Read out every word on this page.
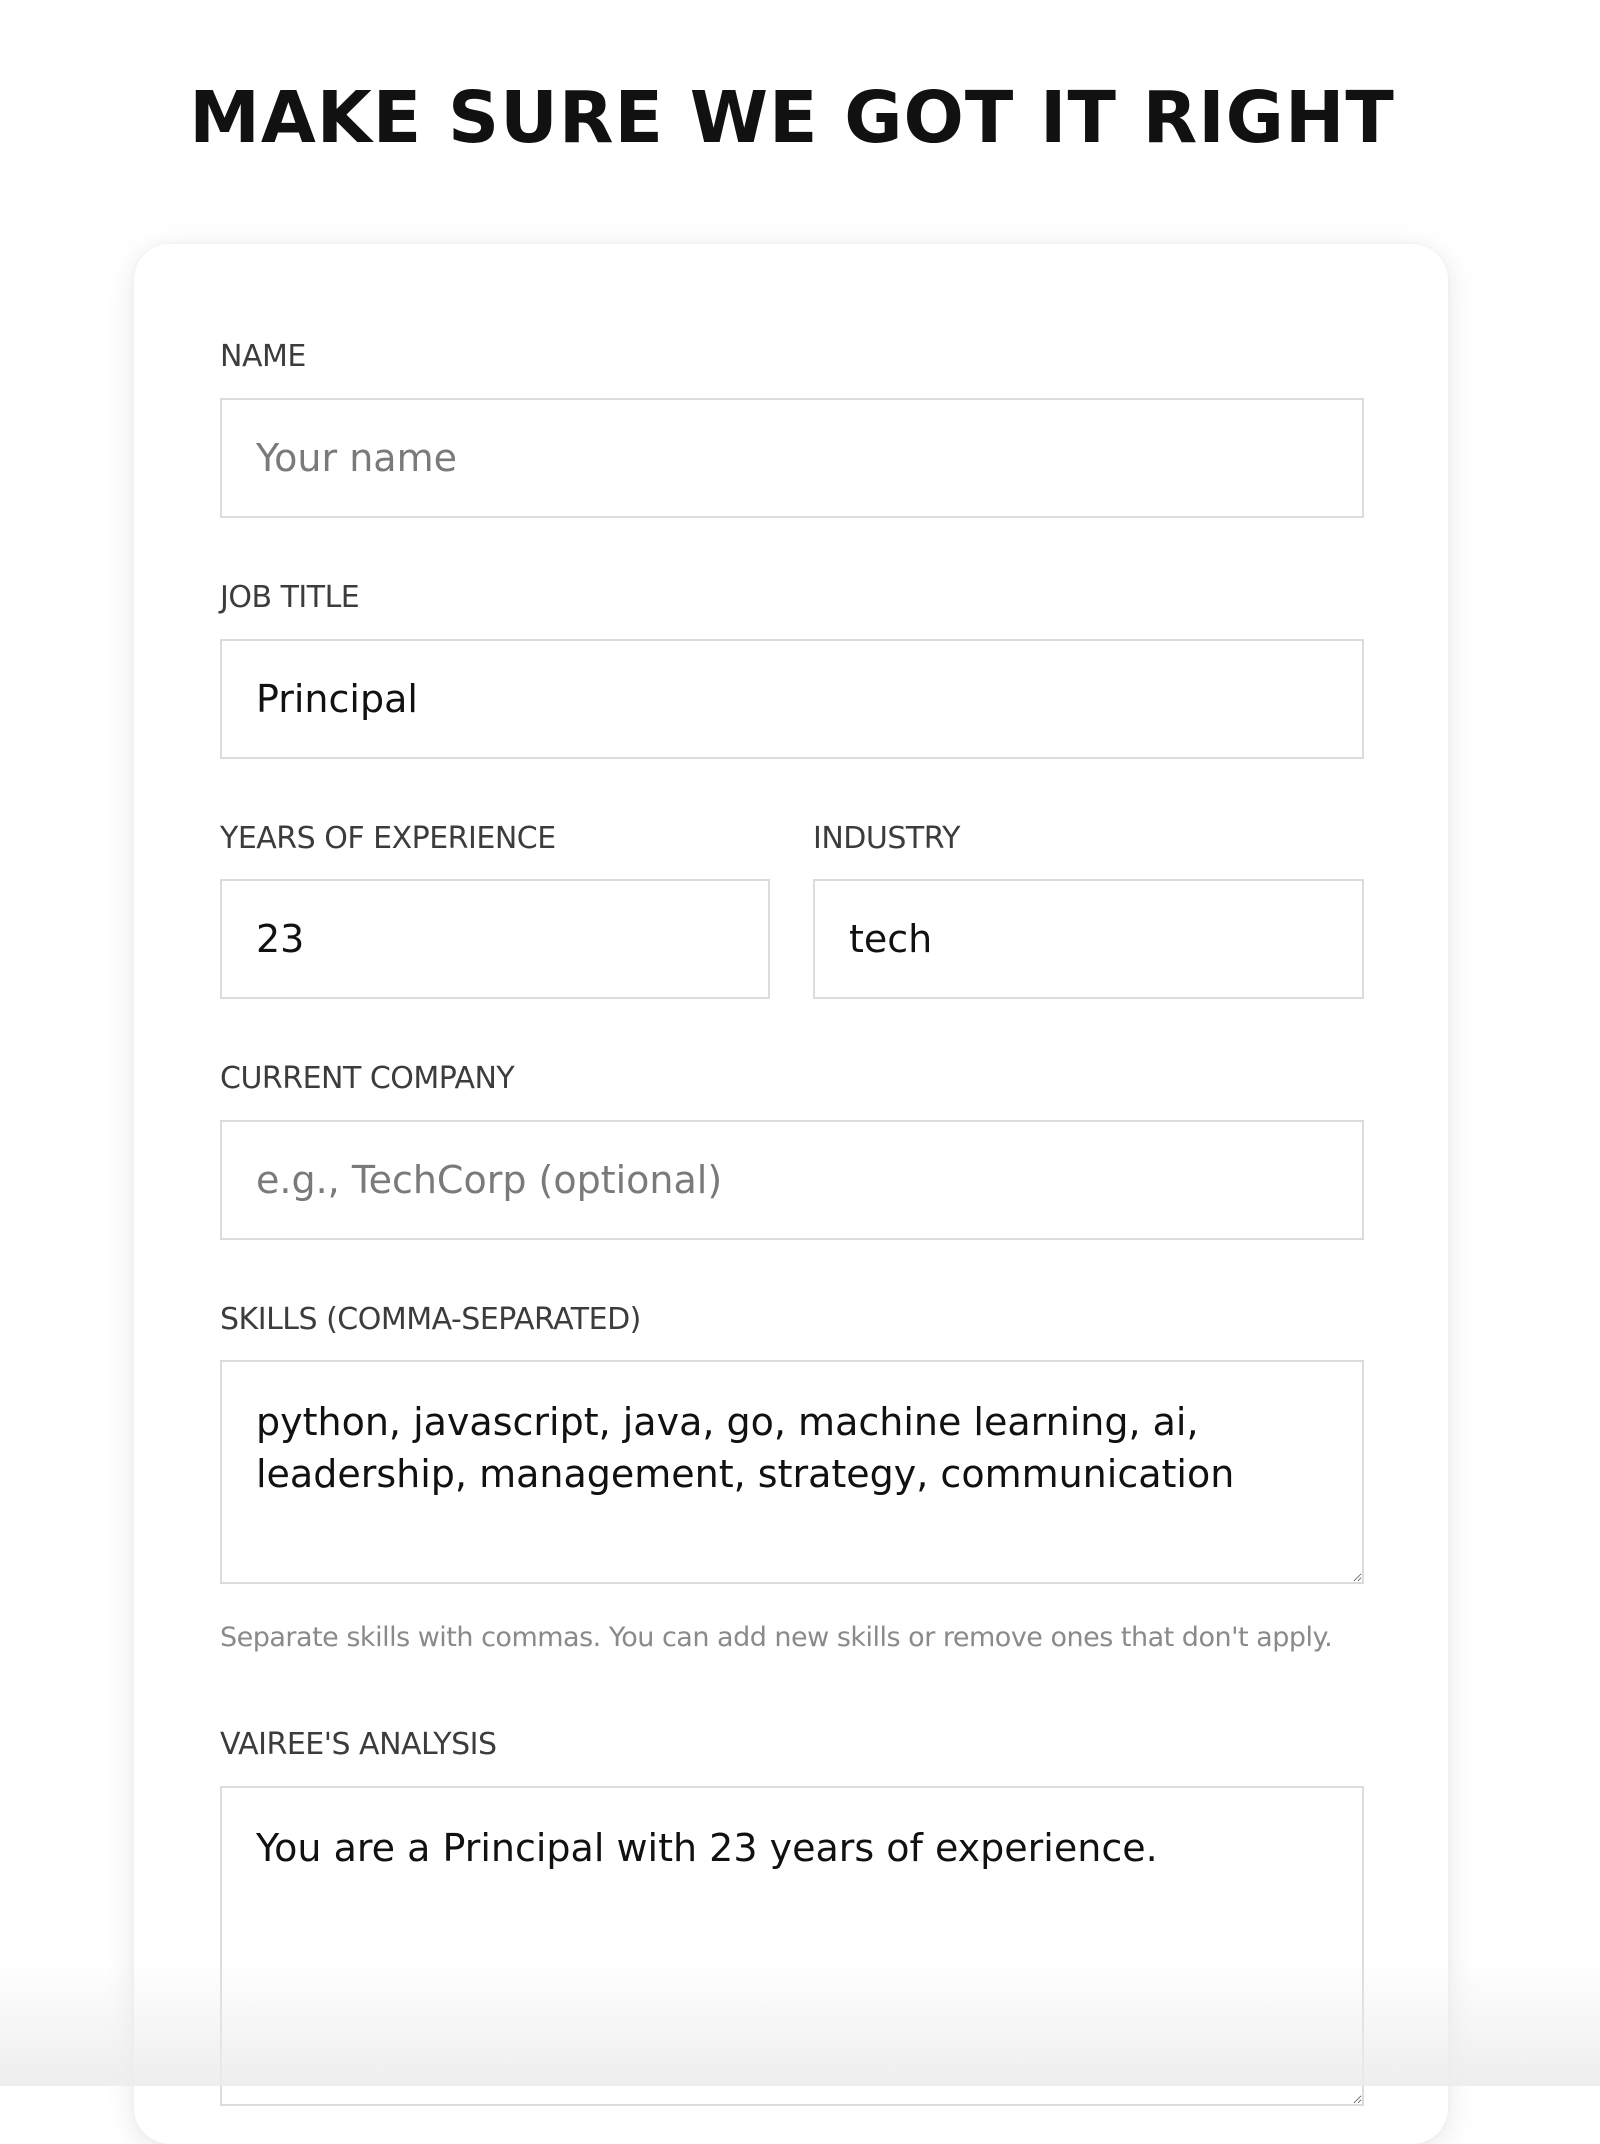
MAKE SURE WE GOT IT RIGHT
NAME
Your name
JOB TITLE
Principal
YEARS OF EXPERIENCE
23	INDUSTRY
tech
CURRENT COMPANY
e.g., TechCorp (optional)
SKILLS (COMMA-SEPARATED)
python, javascript, java, go, machine learning, ai, leadership, management, strategy, communication
Separate skills with commas. You can add new skills or remove ones that don't apply.
VAIREE'S ANALYSIS
You are a Principal with 23 years of experience.
